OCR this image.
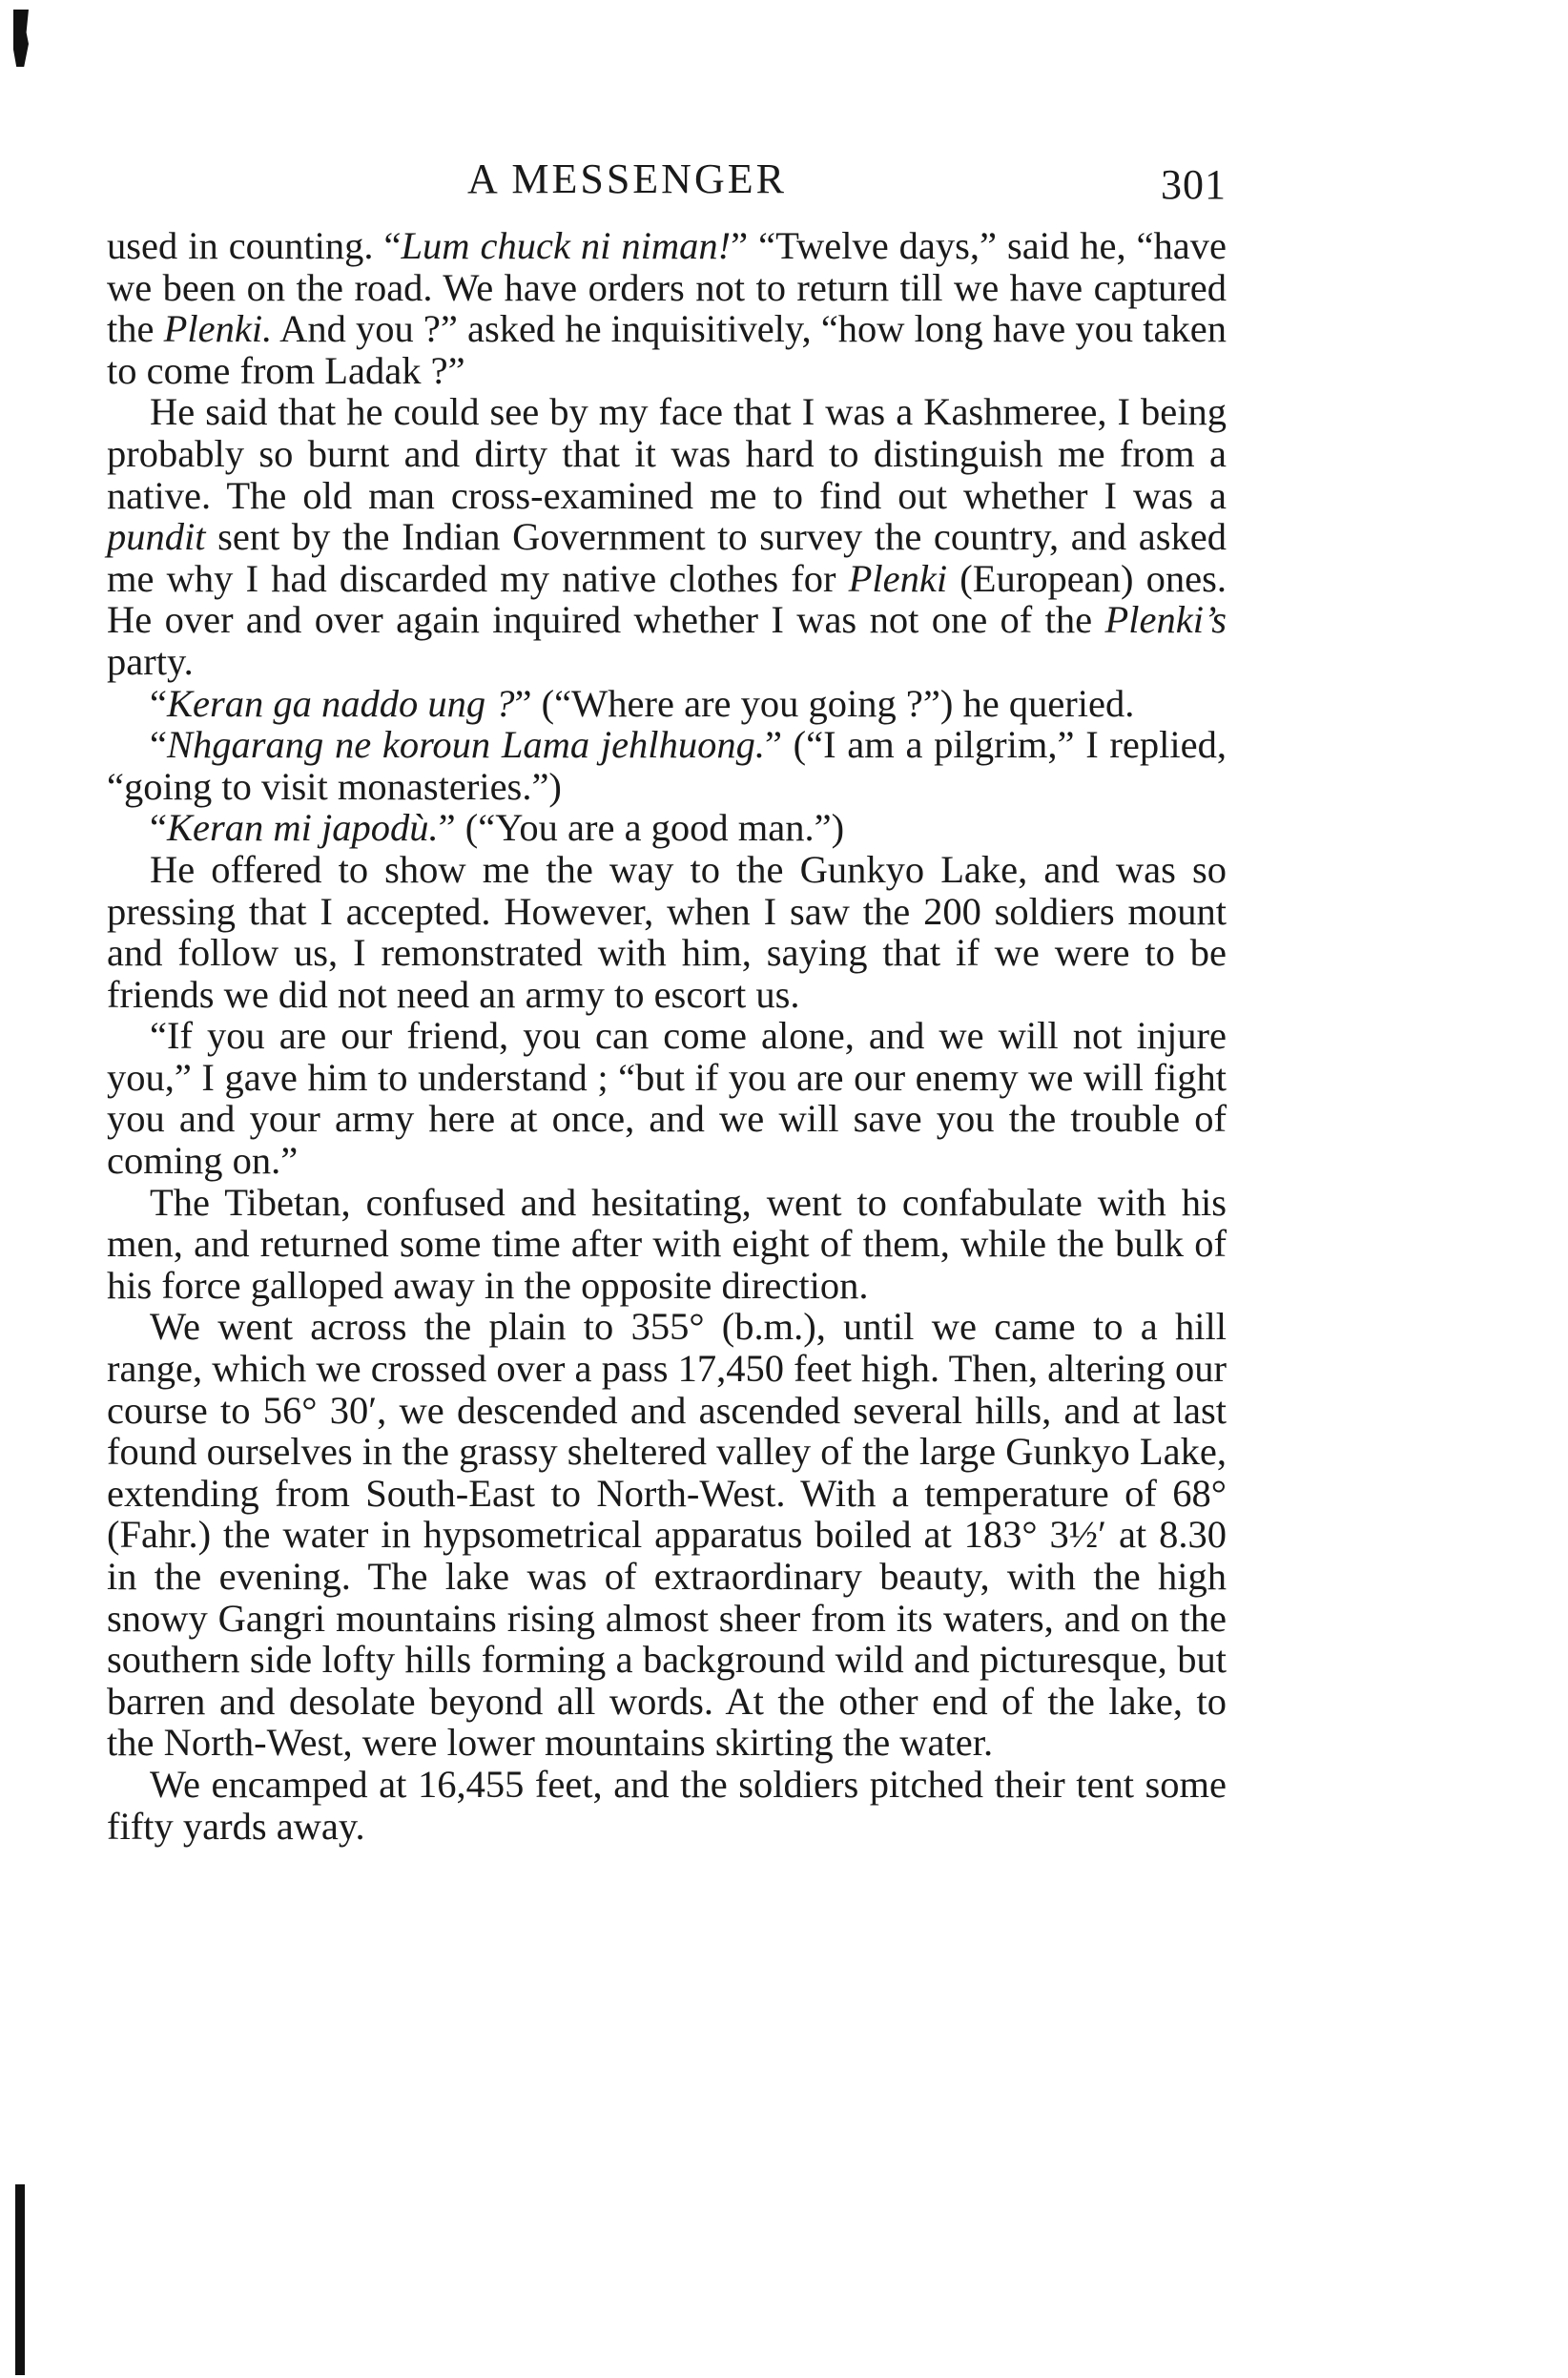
A MESSENGER	301

used in counting. “Lum chuck ni niman!” “Twelve days,” said he, “have we been on the road. We have orders not to return till we have captured the Plenki. And you ?” asked he inquisitively, “how long have you taken to come from Ladak ?”

He said that he could see by my face that I was a Kashmeree, I being probably so burnt and dirty that it was hard to distinguish me from a native. The old man cross-examined me to find out whether I was a pundit sent by the Indian Government to survey the country, and asked me why I had discarded my native clothes for Plenki (European) ones. He over and over again inquired whether I was not one of the Plenki’s party.

“Keran ga naddo ung ?” (“Where are you going ?”) he queried.

“Nhgarang ne koroun Lama jehlhuong.” (“I am a pilgrim,” I replied, “going to visit monasteries.”)

“Keran mi japodù.” (“You are a good man.”)

He offered to show me the way to the Gunkyo Lake, and was so pressing that I accepted. However, when I saw the 200 soldiers mount and follow us, I remonstrated with him, saying that if we were to be friends we did not need an army to escort us.

“If you are our friend, you can come alone, and we will not injure you,” I gave him to understand ; “but if you are our enemy we will fight you and your army here at once, and we will save you the trouble of coming on.”

The Tibetan, confused and hesitating, went to confabulate with his men, and returned some time after with eight of them, while the bulk of his force galloped away in the opposite direction.

We went across the plain to 355° (b.m.), until we came to a hill range, which we crossed over a pass 17,450 feet high. Then, altering our course to 56° 30′, we descended and ascended several hills, and at last found ourselves in the grassy sheltered valley of the large Gunkyo Lake, extending from South-East to North-West. With a temperature of 68° (Fahr.) the water in hypsometrical apparatus boiled at 183° 3½′ at 8.30 in the evening. The lake was of extraordinary beauty, with the high snowy Gangri mountains rising almost sheer from its waters, and on the southern side lofty hills forming a background wild and picturesque, but barren and desolate beyond all words. At the other end of the lake, to the North-West, were lower mountains skirting the water.

We encamped at 16,455 feet, and the soldiers pitched their tent some fifty yards away.
